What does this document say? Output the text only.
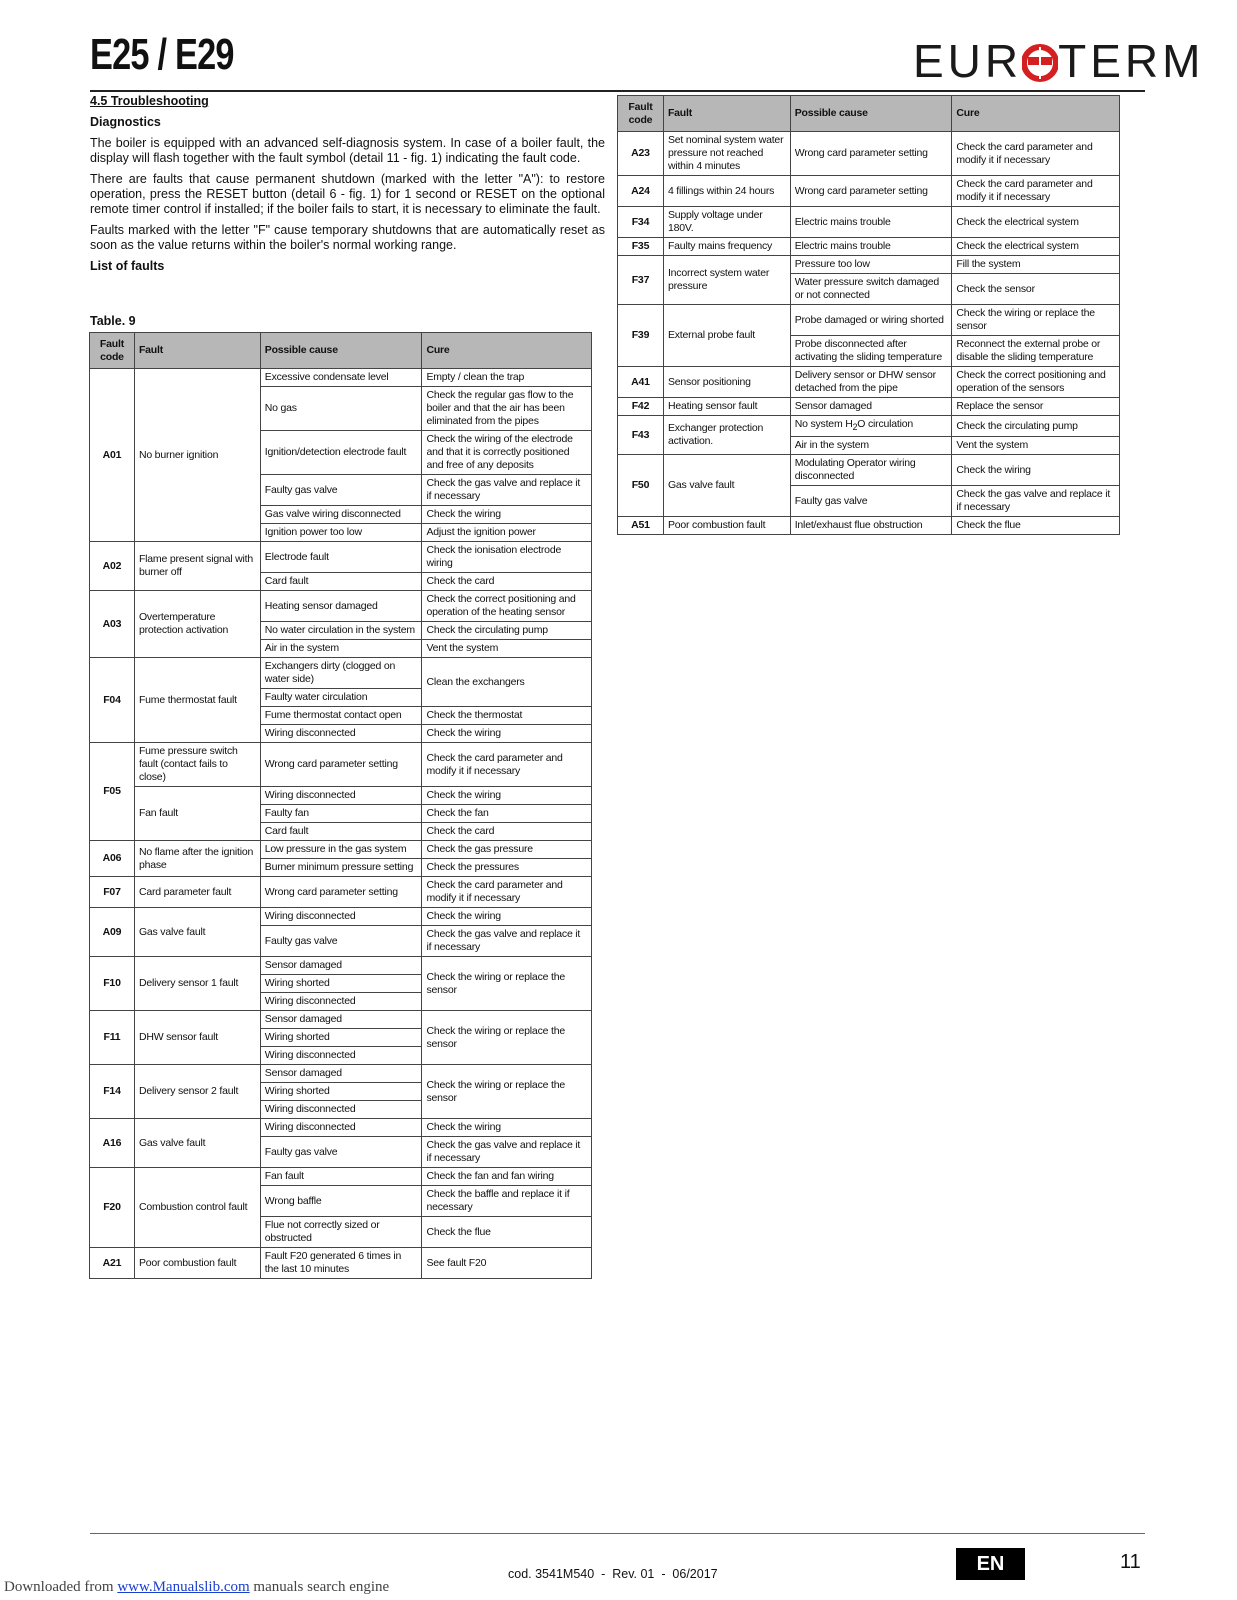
E25 / E29	EUR TERM
4.5 Troubleshooting
Diagnostics

The boiler is equipped with an advanced self-diagnosis system. In case of a boiler fault, the display will flash together with the fault symbol (detail 11 - fig. 1) indicating the fault code.

There are faults that cause permanent shutdown (marked with the letter "A"): to restore operation, press the RESET button (detail 6 - fig. 1) for 1 second or RESET on the optional remote timer control if installed; if the boiler fails to start, it is necessary to eliminate the fault.

Faults marked with the letter "F" cause temporary shutdowns that are automatically reset as soon as the value returns within the boiler's normal working range.

List of faults
Table. 9
Fault code	Fault	Possible cause	Cure
A01	No burner ignition	Excessive condensate level	Empty / clean the trap
		No gas	Check the regular gas flow to the boiler and that the air has been eliminated from the pipes
		Ignition/detection electrode fault	Check the wiring of the electrode and that it is correctly positioned and free of any deposits
		Faulty gas valve	Check the gas valve and replace it if necessary
		Gas valve wiring disconnected	Check the wiring
		Ignition power too low	Adjust the ignition power
A02	Flame present signal with burner off	Electrode fault	Check the ionisation electrode wiring
		Card fault	Check the card
A03	Overtemperature protection activation	Heating sensor damaged	Check the correct positioning and operation of the heating sensor
		No water circulation in the system	Check the circulating pump
		Air in the system	Vent the system
F04	Fume thermostat fault	Exchangers dirty (clogged on water side)	Clean the exchangers
		Faulty water circulation	
		Fume thermostat contact open	Check the thermostat
		Wiring disconnected	Check the wiring
F05	Fume pressure switch fault (contact fails to close)	Wrong card parameter setting	Check the card parameter and modify it if necessary
	Fan fault	Wiring disconnected	Check the wiring
		Faulty fan	Check the fan
		Card fault	Check the card
A06	No flame after the ignition phase	Low pressure in the gas system	Check the gas pressure
		Burner minimum pressure setting	Check the pressures
F07	Card parameter fault	Wrong card parameter setting	Check the card parameter and modify it if necessary
A09	Gas valve fault	Wiring disconnected	Check the wiring
		Faulty gas valve	Check the gas valve and replace it if necessary
F10	Delivery sensor 1 fault	Sensor damaged	Check the wiring or replace the sensor
		Wiring shorted	
		Wiring disconnected	
F11	DHW sensor fault	Sensor damaged	Check the wiring or replace the sensor
		Wiring shorted	
		Wiring disconnected	
F14	Delivery sensor 2 fault	Sensor damaged	Check the wiring or replace the sensor
		Wiring shorted	
		Wiring disconnected	
A16	Gas valve fault	Wiring disconnected	Check the wiring
		Faulty gas valve	Check the gas valve and replace it if necessary
F20	Combustion control fault	Fan fault	Check the fan and fan wiring
		Wrong baffle	Check the baffle and replace it if necessary
		Flue not correctly sized or obstructed	Check the flue
A21	Poor combustion fault	Fault F20 generated 6 times in the last 10 minutes	See fault F20
Fault code	Fault	Possible cause	Cure
A23	Set nominal system water pressure not reached within 4 minutes	Wrong card parameter setting	Check the card parameter and modify it if necessary
A24	4 fillings within 24 hours	Wrong card parameter setting	Check the card parameter and modify it if necessary
F34	Supply voltage under 180V.	Electric mains trouble	Check the electrical system
F35	Faulty mains frequency	Electric mains trouble	Check the electrical system
F37	Incorrect system water pressure	Pressure too low	Fill the system
		Water pressure switch damaged or not connected	Check the sensor
F39	External probe fault	Probe damaged or wiring shorted	Check the wiring or replace the sensor
		Probe disconnected after activating the sliding temperature	Reconnect the external probe or disable the sliding temperature
A41	Sensor positioning	Delivery sensor or DHW sensor detached from the pipe	Check the correct positioning and operation of the sensors
F42	Heating sensor fault	Sensor damaged	Replace the sensor
F43	Exchanger protection activation.	No system $H_2O$ circulation	Check the circulating pump
		Air in the system	Vent the system
F50	Gas valve fault	Modulating Operator wiring disconnected	Check the wiring
		Faulty gas valve	Check the gas valve and replace it if necessary
A51	Poor combustion fault	Inlet/exhaust flue obstruction	Check the flue
cod. 3541M540  -  Rev. 01  -  06/2017	EN	11
Downloaded from www.Manualslib.com manuals search engine
